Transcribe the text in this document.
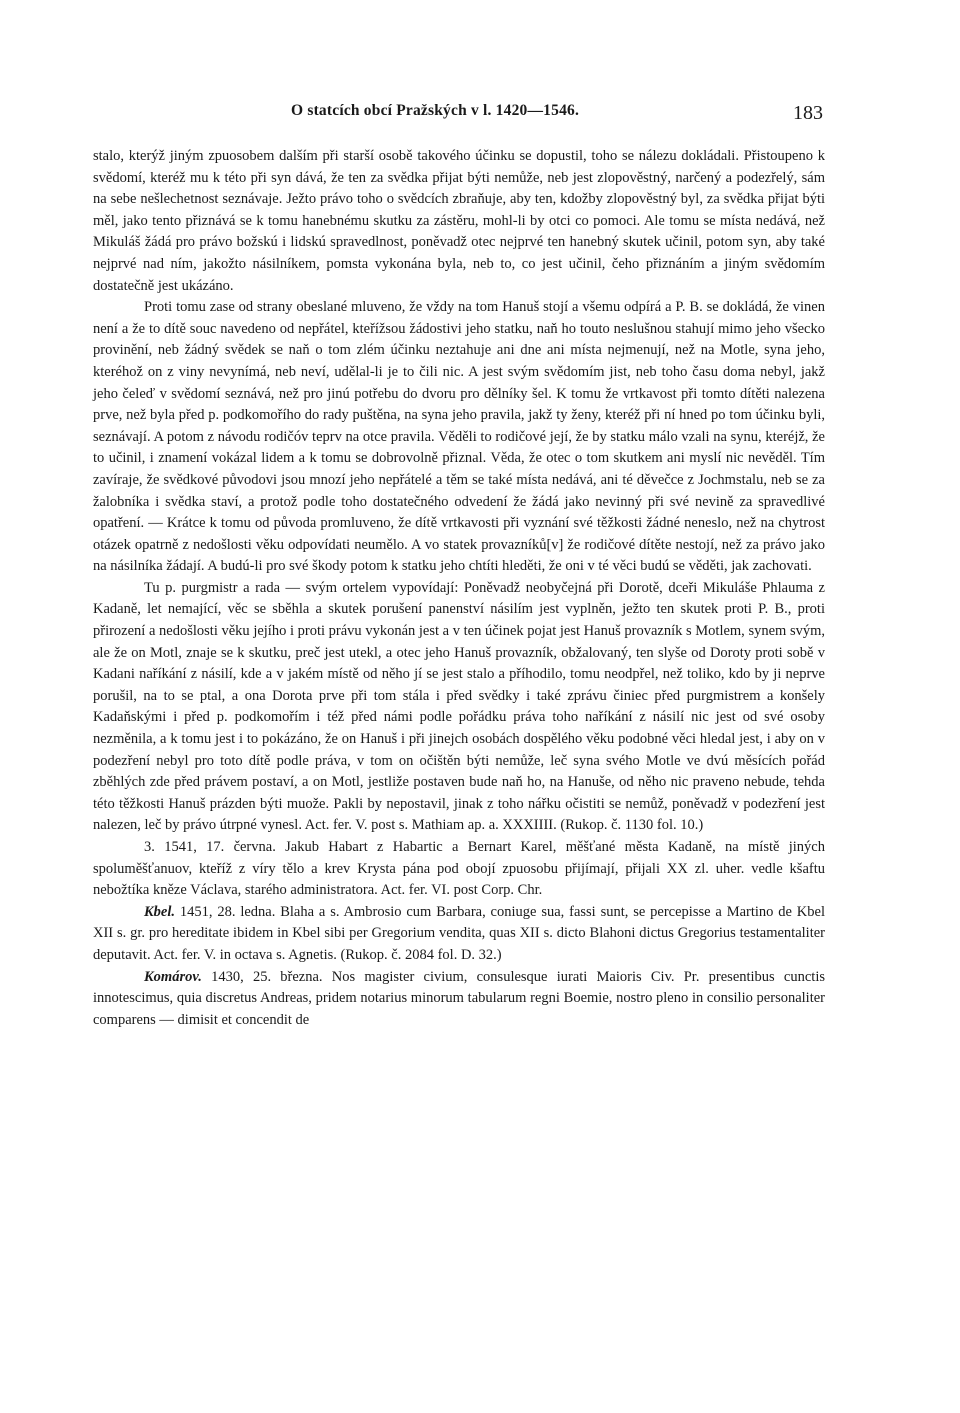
O statcích obcí Pražských v l. 1420—1546.	183

stalo, kterýž jiným zpuosobem dalším při starší osobě takového účinku se dopustil, toho se nálezu dokládali. Přistoupeno k svědomí, kteréž mu k této při syn dává, že ten za svědka přijat býti nemůže, neb jest zlopověstný, narčený a podezřelý, sám na sebe nešlechetnost seznávaje. Ježto právo toho o svědcích zbraňuje, aby ten, kdožby zlopověstný byl, za svědka přijat býti měl, jako tento přiznává se k tomu hanebnému skutku za zástěru, mohl-li by otci co pomoci. Ale tomu se místa nedává, než Mikuláš žádá pro právo božskú i lidskú spravedlnost, poněvadž otec nejprvé ten hanebný skutek učinil, potom syn, aby také nejprvé nad ním, jakožto násilníkem, pomsta vykonána byla, neb to, co jest učinil, čeho přiznáním a jiným svědomím dostatečně jest ukázáno.

Proti tomu zase od strany obeslané mluveno, že vždy na tom Hanuš stojí a všemu odpírá a P. B. se dokládá, že vinen není a že to dítě souc navedeno od nepřátel, kteřížsou žádostivi jeho statku, naň ho touto neslušnou stahují mimo jeho všecko provinění, neb žádný svědek se naň o tom zlém účinku neztahuje ani dne ani místa nejmenují, než na Motle, syna jeho, kteréhož on z viny nevynímá, neb neví, udělal-li je to čili nic. A jest svým svědomím jist, neb toho času doma nebyl, jakž jeho čeleď v svědomí seznává, než pro jinú potřebu do dvoru pro dělníky šel. K tomu že vrtkavost při tomto dítěti nalezena prve, než byla před p. podkomořího do rady puštěna, na syna jeho pravila, jakž ty ženy, kteréž při ní hned po tom účinku byli, seznávají. A potom z návodu rodičóv teprv na otce pravila. Věděli to rodičové její, že by statku málo vzali na synu, kteréjž, že to učinil, i znamení vokázal lidem a k tomu se dobrovolně přiznal. Věda, že otec o tom skutkem ani myslí nic nevěděl. Tím zavíraje, že svědkové původovi jsou mnozí jeho nepřátelé a těm se také místa nedává, ani té děvečce z Jochmstalu, neb se za žalobníka i svědka staví, a protož podle toho dostatečného odvedení že žádá jako nevinný při své nevině za spravedlivé opatření. — Krátce k tomu od původa promluveno, že dítě vrtkavosti při vyznání své těžkosti žádné neneslo, než na chytrost otázek opatrně z nedošlosti věku odpovídati neumělo. A vo statek provazníků[v] že rodičové dítěte nestojí, než za právo jako na násilníka žádají. A budú-li pro své škody potom k statku jeho chtíti hleděti, že oni v té věci budú se věděti, jak zachovati.

Tu p. purgmistr a rada — svým ortelem vypovídají: Poněvadž neobyčejná při Dorotě, dceři Mikuláše Phlauma z Kadaně, let nemající, věc se sběhla a skutek porušení panenství násilím jest vyplněn, ježto ten skutek proti P. B., proti přirození a nedošlosti věku jejího i proti právu vykonán jest a v ten účinek pojat jest Hanuš provazník s Motlem, synem svým, ale že on Motl, znaje se k skutku, preč jest utekl, a otec jeho Hanuš provazník, obžalovaný, ten slyše od Doroty proti sobě v Kadani naříkání z násilí, kde a v jakém místě od něho jí se jest stalo a příhodilo, tomu neodpřel, než toliko, kdo by ji neprve porušil, na to se ptal, a ona Dorota prve při tom stála i před svědky i také zprávu činiec před purgmistrem a konšely Kadaňskými i před p. podkomořím i též před námi podle pořádku práva toho naříkání z násilí nic jest od své osoby nezměnila, a k tomu jest i to pokázáno, že on Hanuš i při jinejch osobách dospělého věku podobné věci hledal jest, i aby on v podezření nebyl pro toto dítě podle práva, v tom on očištěn býti nemůže, leč syna svého Motle ve dvú měsících pořád zběhlých zde před právem postaví, a on Motl, jestliže postaven bude naň ho, na Hanuše, od něho nic praveno nebude, tehda této těžkosti Hanuš prázden býti muože. Pakli by nepostavil, jinak z toho nářku očistiti se nemůž, poněvadž v podezření jest nalezen, leč by právo útrpné vynesl. Act. fer. V. post s. Mathiam ap. a. XXXIIII. (Rukop. č. 1130 fol. 10.)

3. 1541, 17. června. Jakub Habart z Habartic a Bernart Karel, měšťané města Kadaně, na místě jiných spoluměšťanuov, kteříž z víry tělo a krev Krysta pána pod obojí zpuosobu přijímají, přijali XX zl. uher. vedle kšaftu nebožtíka kněze Václava, starého administratora. Act. fer. VI. post Corp. Chr.

Kbel. 1451, 28. ledna. Blaha a s. Ambrosio cum Barbara, coniuge sua, fassi sunt, se percepisse a Martino de Kbel XII s. gr. pro hereditate ibidem in Kbel sibi per Gregorium vendita, quas XII s. dicto Blahoni dictus Gregorius testamentaliter deputavit. Act. fer. V. in octava s. Agnetis. (Rukop. č. 2084 fol. D. 32.)

Komárov. 1430, 25. března. Nos magister civium, consulesque iurati Maioris Civ. Pr. presentibus cunctis innotescimus, quia discretus Andreas, pridem notarius minorum tabularum regni Boemie, nostro pleno in consilio personaliter comparens — dimisit et concendit de
